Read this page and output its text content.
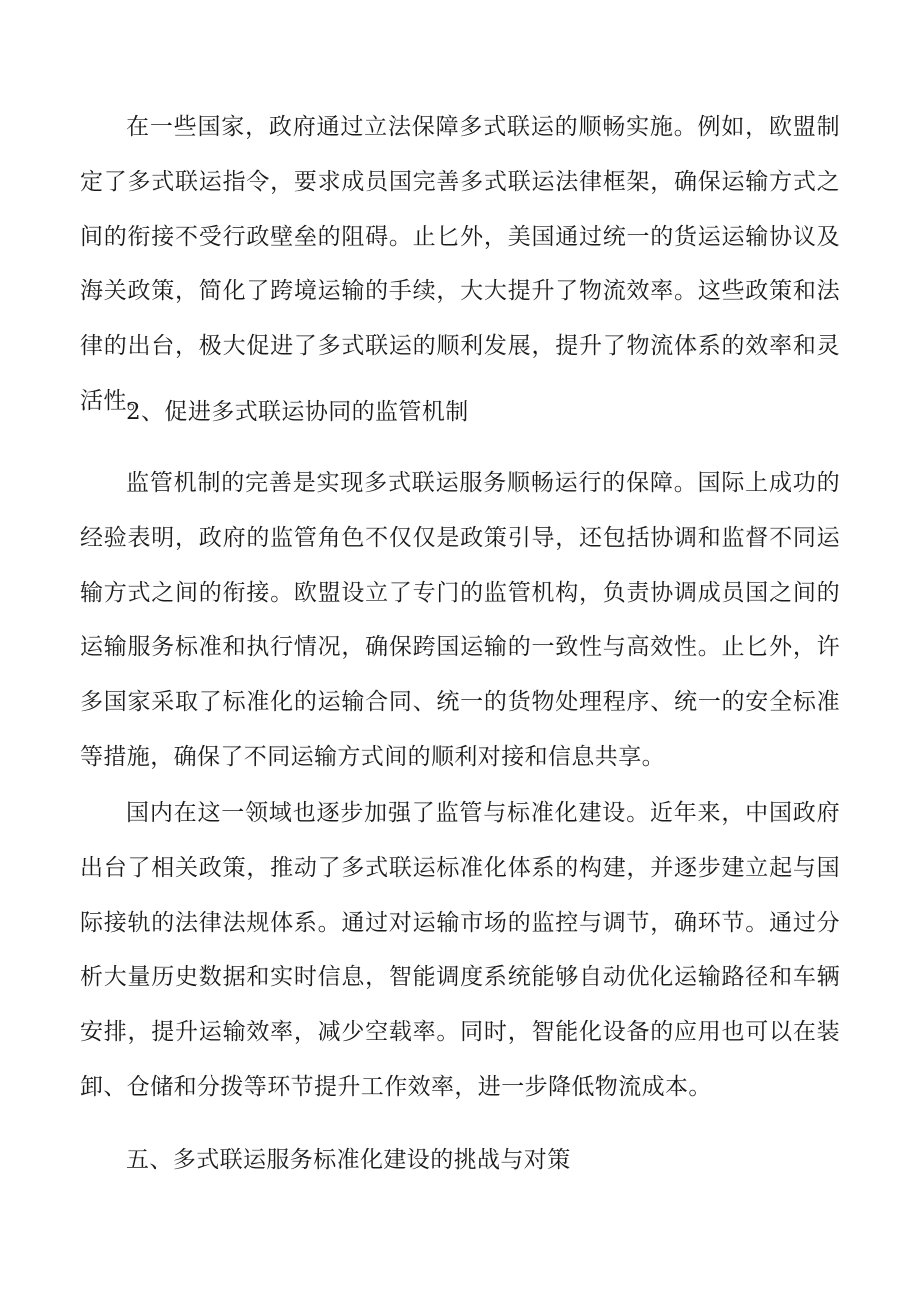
在一些国家，政府通过立法保障多式联运的顺畅实施。例如，欧盟制定了多式联运指令，要求成员国完善多式联运法律框架，确保运输方式之间的衔接不受行政壁垒的阻碍。止匕外，美国通过统一的货运运输协议及海关政策，简化了跨境运输的手续，大大提升了物流效率。这些政策和法律的出台，极大促进了多式联运的顺利发展，提升了物流体系的效率和灵活性。

2、促进多式联运协同的监管机制

监管机制的完善是实现多式联运服务顺畅运行的保障。国际上成功的经验表明，政府的监管角色不仅仅是政策引导，还包括协调和监督不同运输方式之间的衔接。欧盟设立了专门的监管机构，负责协调成员国之间的运输服务标准和执行情况，确保跨国运输的一致性与高效性。止匕外，许多国家采取了标准化的运输合同、统一的货物处理程序、统一的安全标准等措施，确保了不同运输方式间的顺利对接和信息共享。

国内在这一领域也逐步加强了监管与标准化建设。近年来，中国政府出台了相关政策，推动了多式联运标准化体系的构建，并逐步建立起与国际接轨的法律法规体系。通过对运输市场的监控与调节，确环节。通过分析大量历史数据和实时信息，智能调度系统能够自动优化运输路径和车辆安排，提升运输效率，减少空载率。同时，智能化设备的应用也可以在装卸、仓储和分拨等环节提升工作效率，进一步降低物流成本。

五、多式联运服务标准化建设的挑战与对策
